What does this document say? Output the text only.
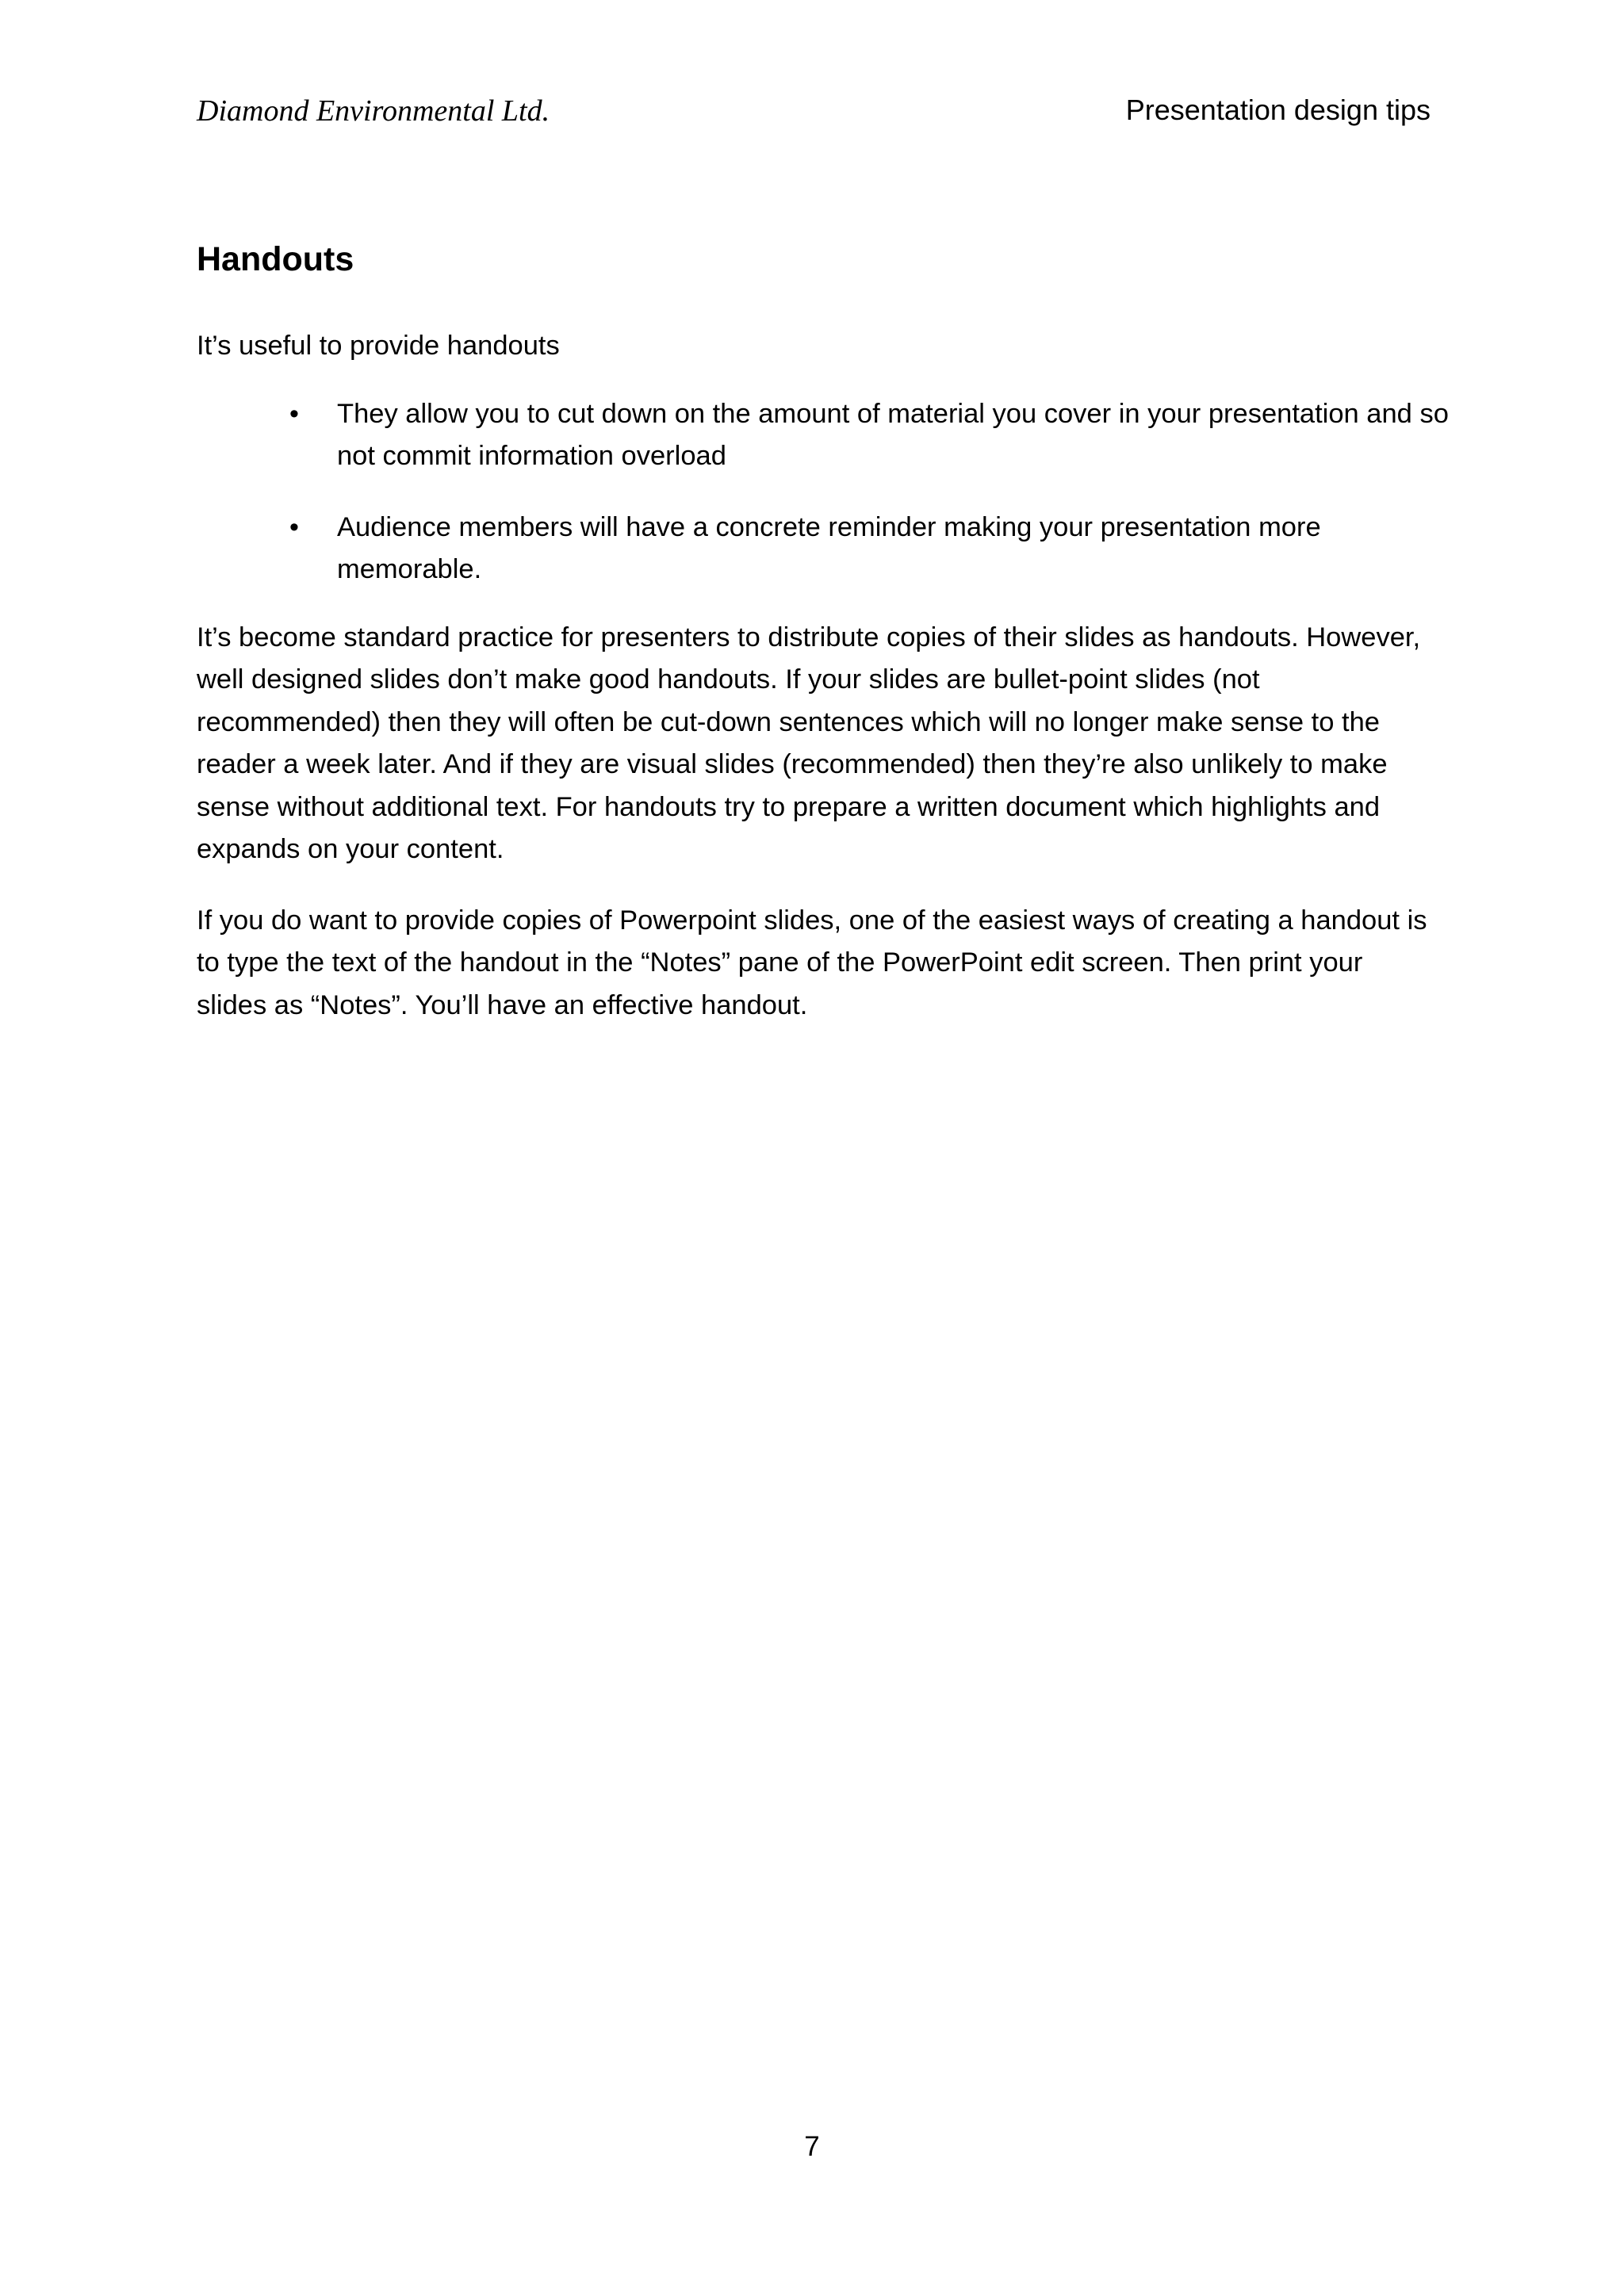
Diamond Environmental Ltd.	Presentation design tips
Handouts

It’s useful to provide handouts

• They allow you to cut down on the amount of material you cover in your presentation and so not commit information overload
• Audience members will have a concrete reminder making your presentation more memorable.

It’s become standard practice for presenters to distribute copies of their slides as handouts. However, well designed slides don’t make good handouts. If your slides are bullet-point slides (not recommended) then they will often be cut-down sentences which will no longer make sense to the reader a week later. And if they are visual slides (recommended) then they’re also unlikely to make sense without additional text. For handouts try to prepare a written document which highlights and expands on your content.

If you do want to provide copies of Powerpoint slides, one of the easiest ways of creating a handout is to type the text of the handout in the “Notes” pane of the PowerPoint edit screen. Then print your slides as “Notes”. You’ll have an effective handout.

7
